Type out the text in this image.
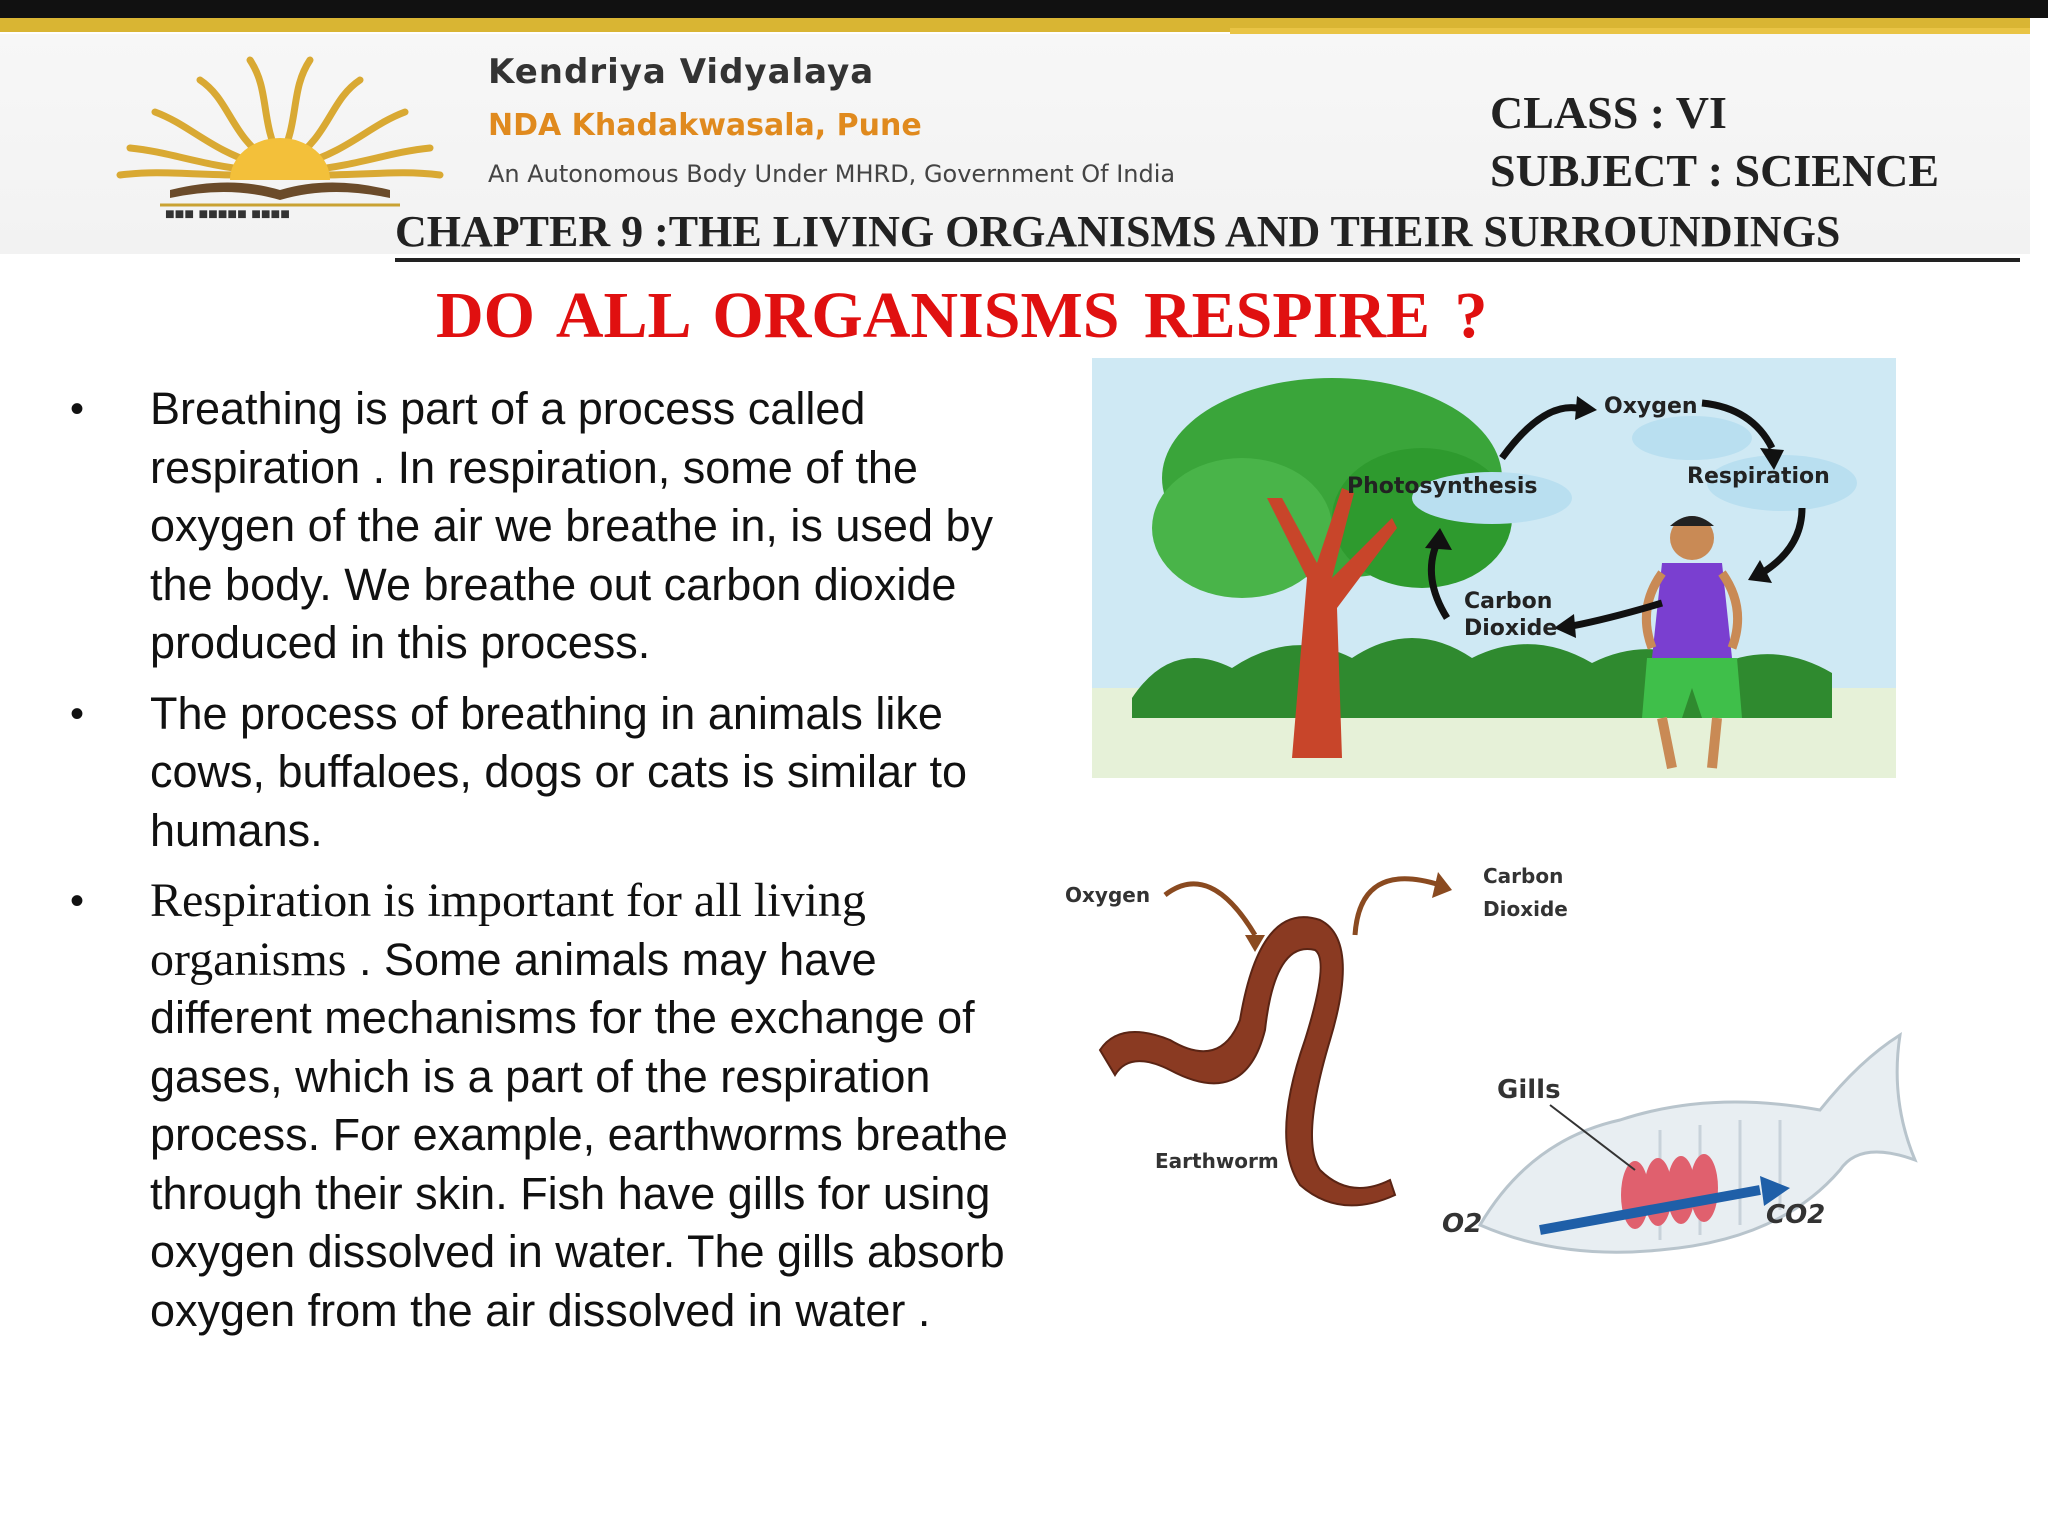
■■■ ■■■■■ ■■■■
Kendriya Vidyalaya
NDA Khadakwasala, Pune
An Autonomous Body Under MHRD, Government Of India
CLASS : VI
SUBJECT : SCIENCE
CHAPTER 9 :THE LIVING ORGANISMS AND THEIR SURROUNDINGS
DO ALL ORGANISMS RESPIRE ?
• Breathing is part of a process called respiration . In respiration, some of the oxygen of the air we breathe in, is used by the body. We breathe out carbon dioxide produced in this process.
• The process of breathing in animals like cows, buffaloes, dogs or cats is similar to humans.
• Respiration is important for all living organisms . Some animals may have different mechanisms for the exchange of gases, which is a part of the respiration process. For example, earthworms breathe through their skin. Fish have gills for using oxygen dissolved in water. The gills absorb oxygen from the air dissolved in water .
Oxygen
Photosynthesis	Respiration
Carbon
Dioxide
Oxygen
Carbon
Dioxide
Earthworm
Gills
O2	CO2
